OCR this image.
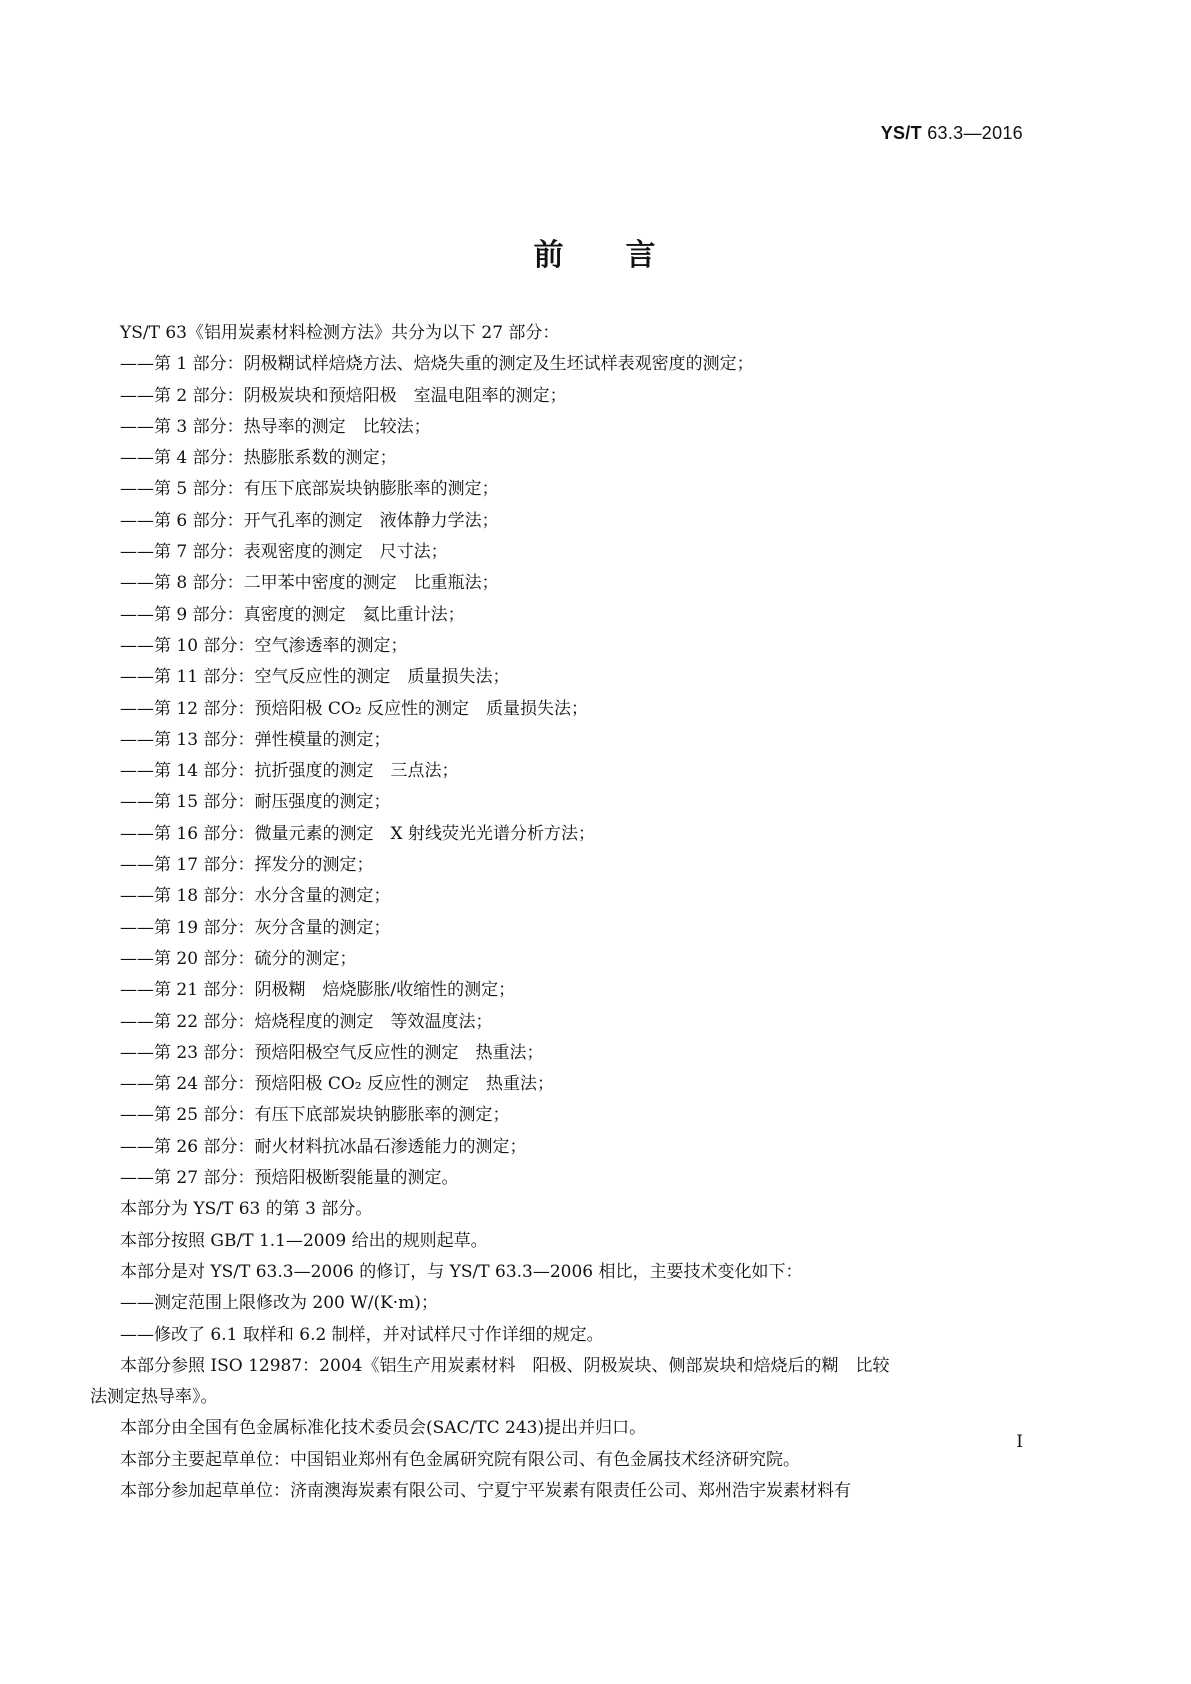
YS/T 63.3—2016
前 言
YS/T 63《铝用炭素材料检测方法》共分为以下 27 部分：
——第 1 部分：阴极糊试样焙烧方法、焙烧失重的测定及生坯试样表观密度的测定；
——第 2 部分：阴极炭块和预焙阳极　室温电阻率的测定；
——第 3 部分：热导率的测定　比较法；
——第 4 部分：热膨胀系数的测定；
——第 5 部分：有压下底部炭块钠膨胀率的测定；
——第 6 部分：开气孔率的测定　液体静力学法；
——第 7 部分：表观密度的测定　尺寸法；
——第 8 部分：二甲苯中密度的测定　比重瓶法；
——第 9 部分：真密度的测定　氦比重计法；
——第 10 部分：空气渗透率的测定；
——第 11 部分：空气反应性的测定　质量损失法；
——第 12 部分：预焙阳极 CO₂ 反应性的测定　质量损失法；
——第 13 部分：弹性模量的测定；
——第 14 部分：抗折强度的测定　三点法；
——第 15 部分：耐压强度的测定；
——第 16 部分：微量元素的测定　X 射线荧光光谱分析方法；
——第 17 部分：挥发分的测定；
——第 18 部分：水分含量的测定；
——第 19 部分：灰分含量的测定；
——第 20 部分：硫分的测定；
——第 21 部分：阴极糊　焙烧膨胀/收缩性的测定；
——第 22 部分：焙烧程度的测定　等效温度法；
——第 23 部分：预焙阳极空气反应性的测定　热重法；
——第 24 部分：预焙阳极 CO₂ 反应性的测定　热重法；
——第 25 部分：有压下底部炭块钠膨胀率的测定；
——第 26 部分：耐火材料抗冰晶石渗透能力的测定；
——第 27 部分：预焙阳极断裂能量的测定。
本部分为 YS/T 63 的第 3 部分。
本部分按照 GB/T 1.1—2009 给出的规则起草。
本部分是对 YS/T 63.3—2006 的修订，与 YS/T 63.3—2006 相比，主要技术变化如下：
——测定范围上限修改为 200 W/(K·m)；
——修改了 6.1 取样和 6.2 制样，并对试样尺寸作详细的规定。
本部分参照 ISO 12987：2004《铝生产用炭素材料　阳极、阴极炭块、侧部炭块和焙烧后的糊　比较
法测定热导率》。
本部分由全国有色金属标准化技术委员会(SAC/TC 243)提出并归口。
本部分主要起草单位：中国铝业郑州有色金属研究院有限公司、有色金属技术经济研究院。
本部分参加起草单位：济南澳海炭素有限公司、宁夏宁平炭素有限责任公司、郑州浩宇炭素材料有
I
